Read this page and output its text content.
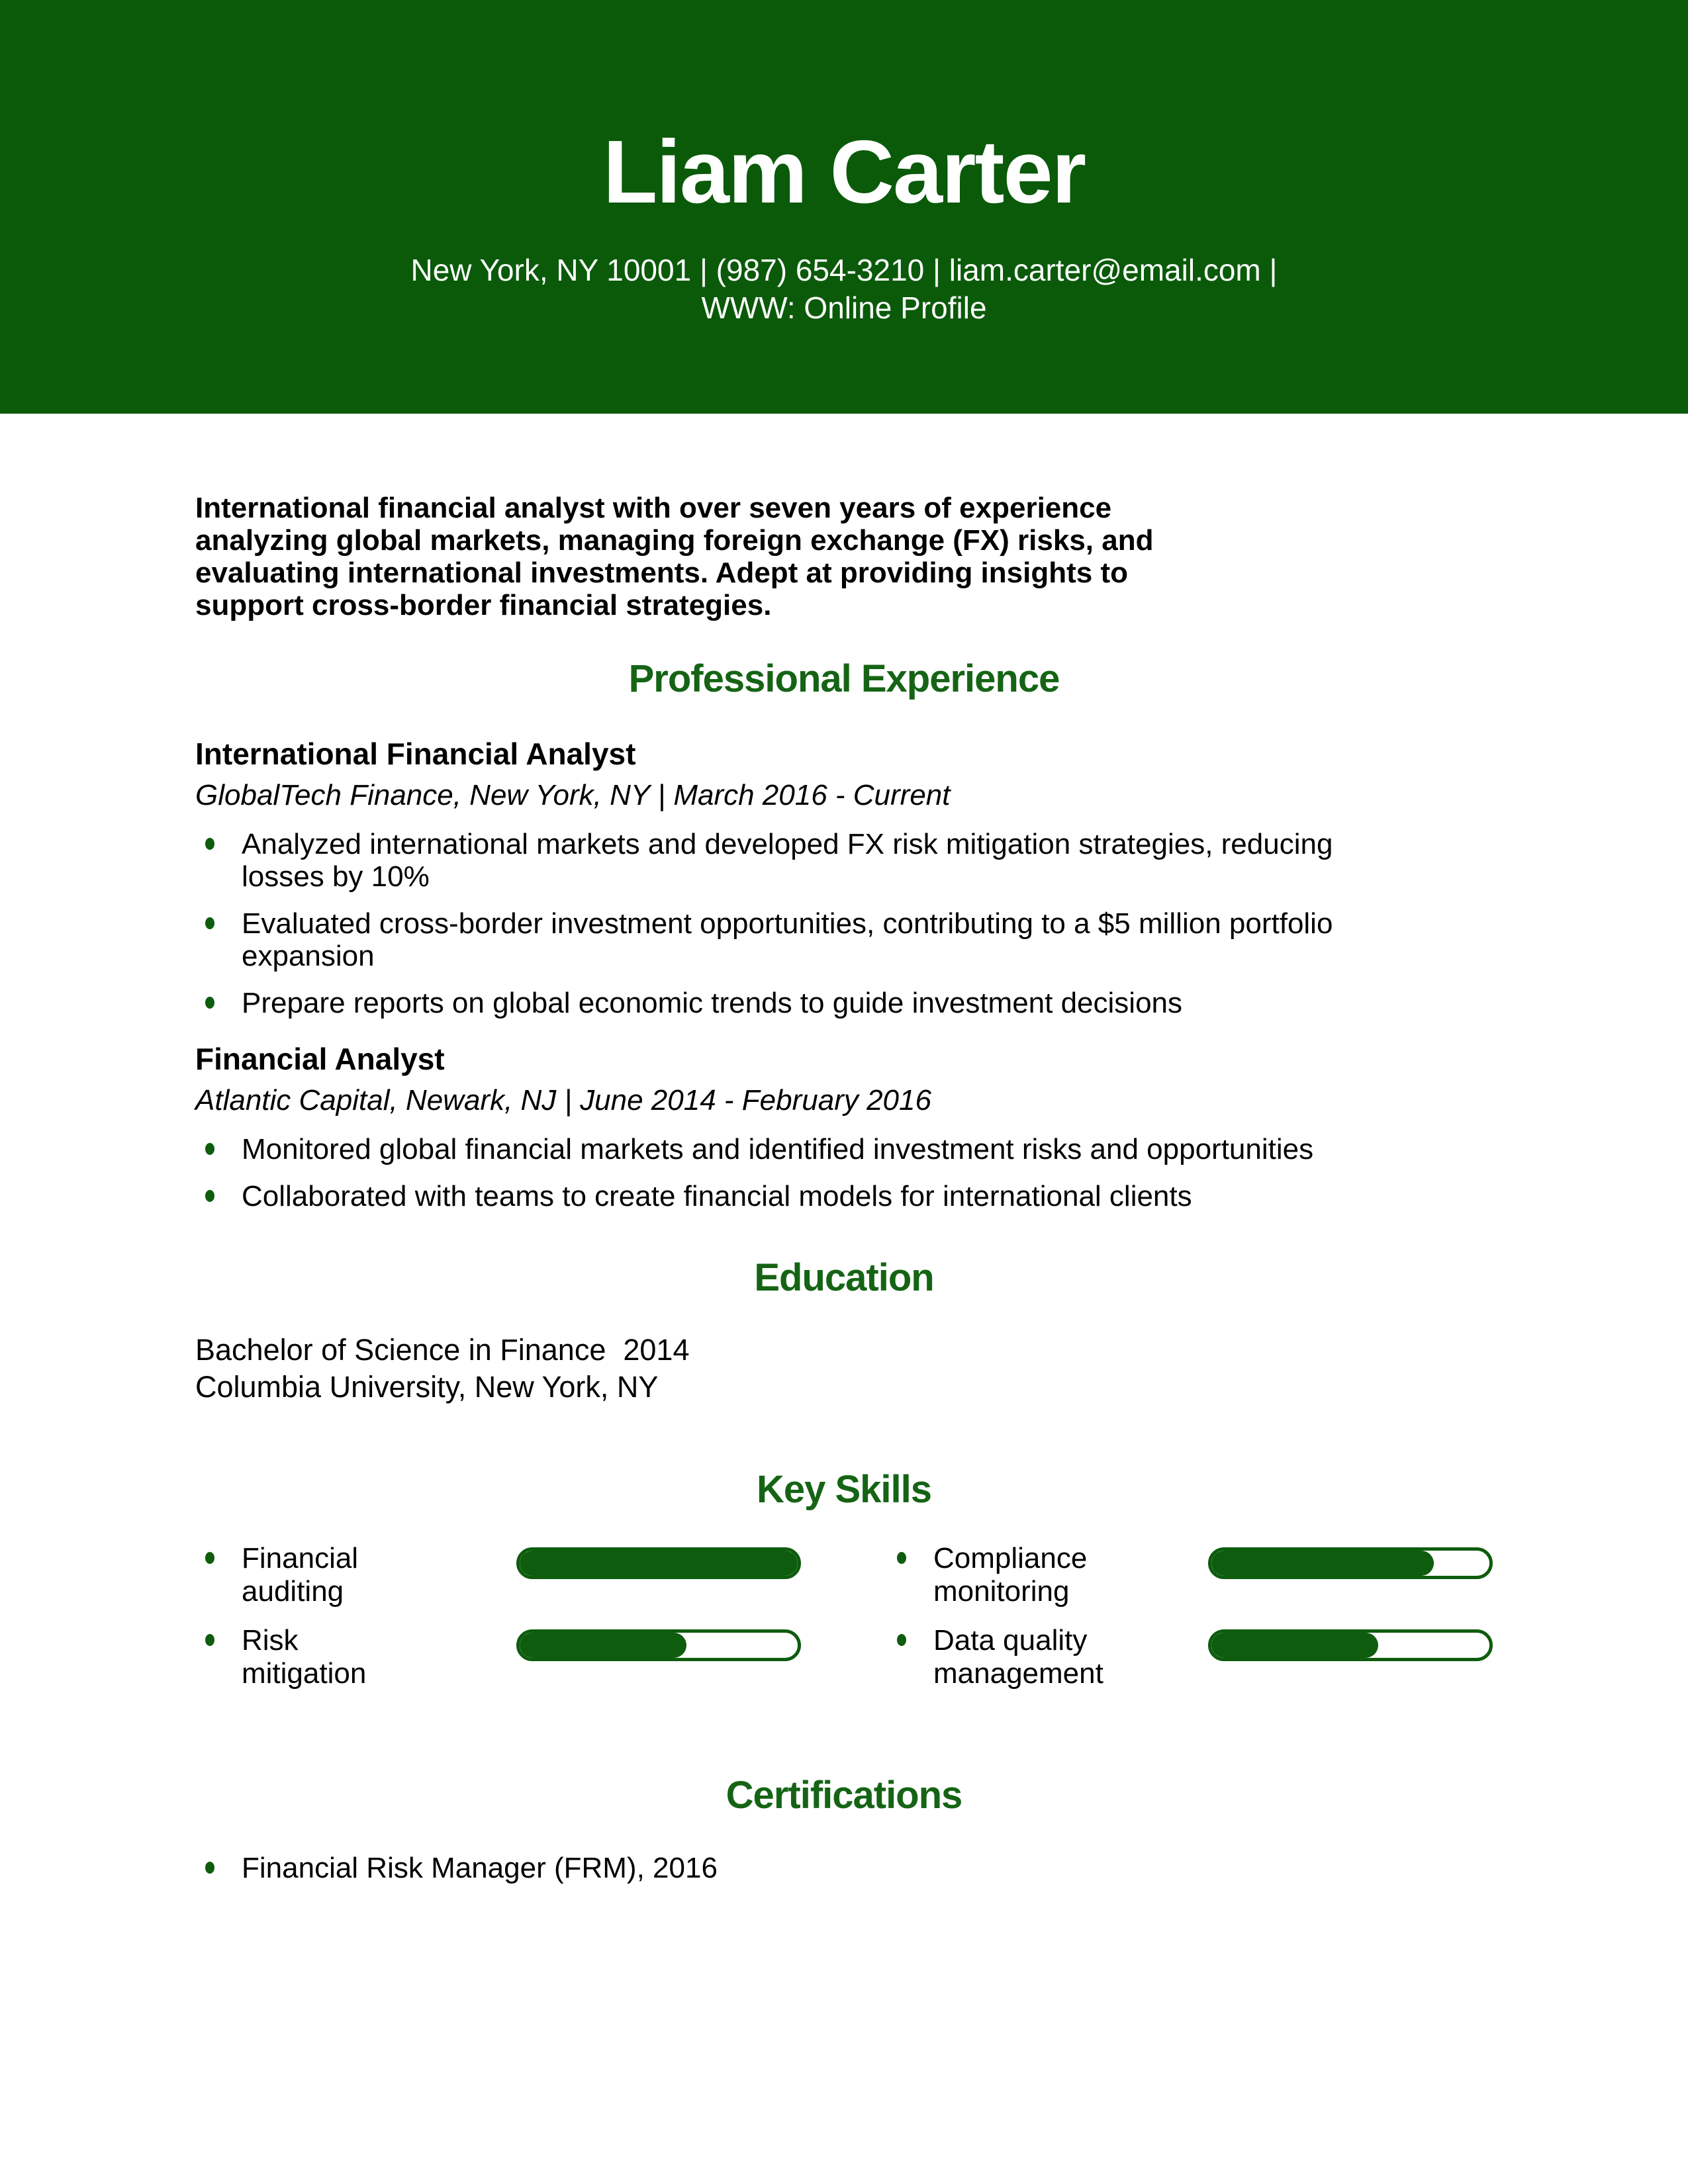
Liam Carter
New York, NY 10001 | (987) 654-3210 | liam.carter@email.com |
WWW: Online Profile

International financial analyst with over seven years of experience analyzing global markets, managing foreign exchange (FX) risks, and evaluating international investments. Adept at providing insights to support cross-border financial strategies.

Professional Experience
International Financial Analyst
GlobalTech Finance, New York, NY | March 2016 - Current
Analyzed international markets and developed FX risk mitigation strategies, reducing losses by 10%
Evaluated cross-border investment opportunities, contributing to a $5 million portfolio expansion
Prepare reports on global economic trends to guide investment decisions
Financial Analyst
Atlantic Capital, Newark, NJ | June 2014 - February 2016
Monitored global financial markets and identified investment risks and opportunities
Collaborated with teams to create financial models for international clients
Education
Bachelor of Science in Finance 2014
Columbia University, New York, NY
Key Skills
Financial auditing
Compliance monitoring
Risk mitigation
Data quality management
Certifications
Financial Risk Manager (FRM), 2016
